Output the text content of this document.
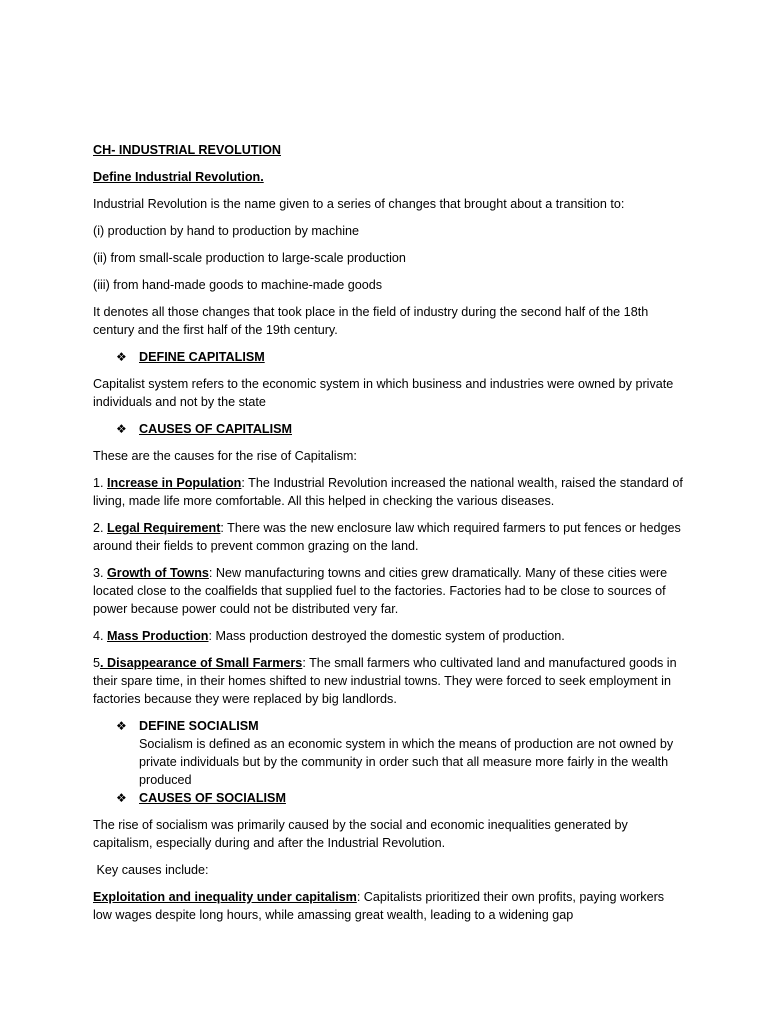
CH- INDUSTRIAL REVOLUTION

Define Industrial Revolution.

Industrial Revolution is the name given to a series of changes that brought about a transition to:

(i) production by hand to production by machine

(ii) from small-scale production to large-scale production

(iii) from hand-made goods to machine-made goods

It denotes all those changes that took place in the field of industry during the second half of the 18th century and the first half of the 19th century.

❖ DEFINE CAPITALISM

Capitalist system refers to the economic system in which business and industries were owned by private individuals and not by the state

❖ CAUSES OF CAPITALISM

These are the causes for the rise of Capitalism:

1. Increase in Population: The Industrial Revolution increased the national wealth, raised the standard of living, made life more comfortable. All this helped in checking the various diseases.

2. Legal Requirement: There was the new enclosure law which required farmers to put fences or hedges around their fields to prevent common grazing on the land.

3. Growth of Towns: New manufacturing towns and cities grew dramatically. Many of these cities were located close to the coalfields that supplied fuel to the factories. Factories had to be close to sources of power because power could not be distributed very far.

4. Mass Production: Mass production destroyed the domestic system of production.

5. Disappearance of Small Farmers: The small farmers who cultivated land and manufactured goods in their spare time, in their homes shifted to new industrial towns. They were forced to seek employment in factories because they were replaced by big landlords.

❖ DEFINE SOCIALISM
Socialism is defined as an economic system in which the means of production are not owned by private individuals but by the community in order such that all measure more fairly in the wealth produced
❖ CAUSES OF SOCIALISM

The rise of socialism was primarily caused by the social and economic inequalities generated by capitalism, especially during and after the Industrial Revolution.

Key causes include:

Exploitation and inequality under capitalism: Capitalists prioritized their own profits, paying workers low wages despite long hours, while amassing great wealth, leading to a widening gap
